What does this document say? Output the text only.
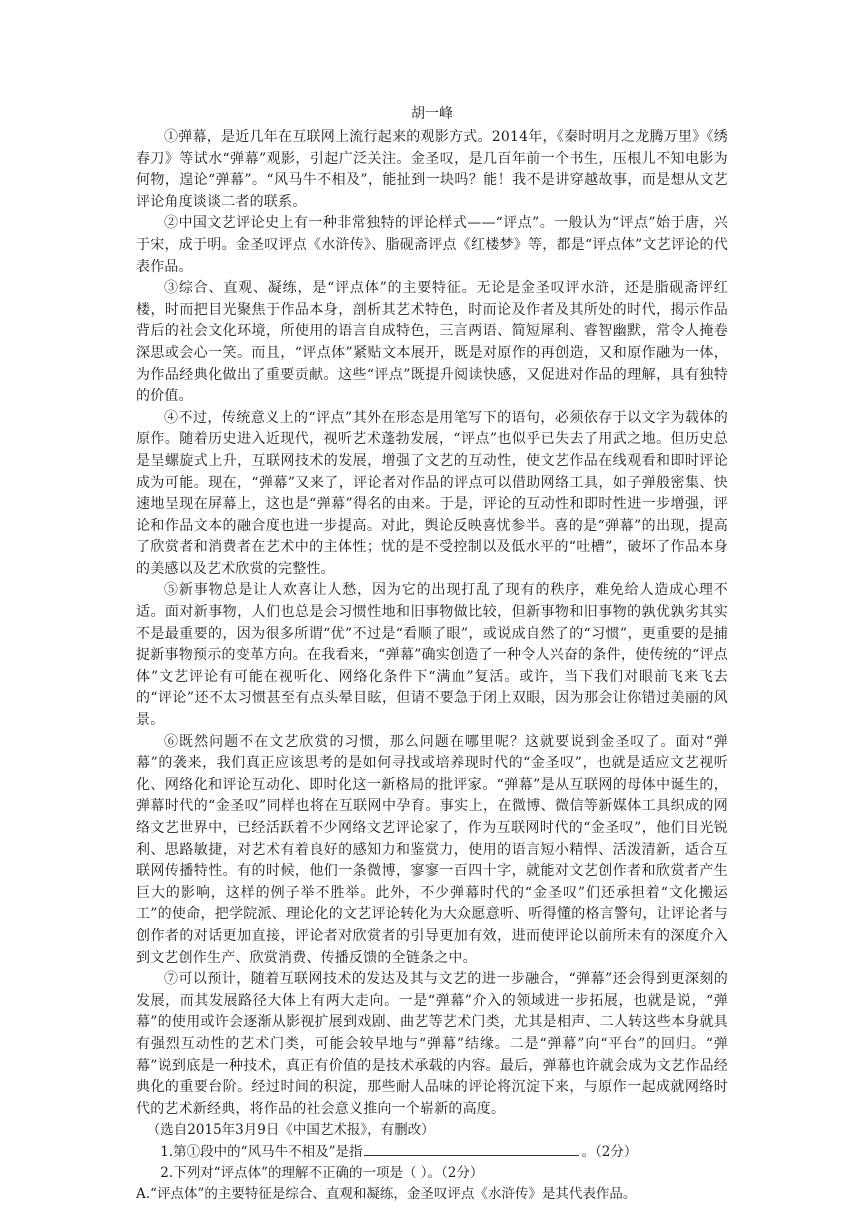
胡一峰

①弹幕，是近几年在互联网上流行起来的观影方式。2014年，《秦时明月之龙腾万里》《绣春刀》等试水“弹幕”观影，引起广泛关注。金圣叹，是几百年前一个书生，压根儿不知电影为何物，遑论“弹幕”。“风马牛不相及”，能扯到一块吗？能！我不是讲穿越故事，而是想从文艺评论角度谈谈二者的联系。

②中国文艺评论史上有一种非常独特的评论样式——“评点”。一般认为“评点”始于唐，兴于宋，成于明。金圣叹评点《水浒传》、脂砚斋评点《红楼梦》等，都是“评点体”文艺评论的代表作品。

③综合、直观、凝练，是“评点体”的主要特征。无论是金圣叹评水浒，还是脂砚斋评红楼，时而把目光聚焦于作品本身，剖析其艺术特色，时而论及作者及其所处的时代，揭示作品背后的社会文化环境，所使用的语言自成特色，三言两语、简短犀利、睿智幽默，常令人掩卷深思或会心一笑。而且，“评点体”紧贴文本展开，既是对原作的再创造，又和原作融为一体，为作品经典化做出了重要贡献。这些“评点”既提升阅读快感，又促进对作品的理解，具有独特的价值。

④不过，传统意义上的“评点”其外在形态是用笔写下的语句，必须依存于以文字为载体的原作。随着历史进入近现代，视听艺术蓬勃发展，“评点”也似乎已失去了用武之地。但历史总是呈螺旋式上升，互联网技术的发展，增强了文艺的互动性，使文艺作品在线观看和即时评论成为可能。现在，“弹幕”又来了，评论者对作品的评点可以借助网络工具，如子弹般密集、快速地呈现在屏幕上，这也是“弹幕”得名的由来。于是，评论的互动性和即时性进一步增强，评论和作品文本的融合度也进一步提高。对此，舆论反映喜忧参半。喜的是“弹幕”的出现，提高了欣赏者和消费者在艺术中的主体性；忧的是不受控制以及低水平的“吐槽”，破坏了作品本身的美感以及艺术欣赏的完整性。

⑤新事物总是让人欢喜让人愁，因为它的出现打乱了现有的秩序，难免给人造成心理不适。面对新事物，人们也总是会习惯性地和旧事物做比较，但新事物和旧事物的孰优孰劣其实不是最重要的，因为很多所谓“优”不过是“看顺了眼”，或说成自然了的“习惯”，更重要的是捕捉新事物预示的变革方向。在我看来，“弹幕”确实创造了一种令人兴奋的条件，使传统的“评点体”文艺评论有可能在视听化、网络化条件下“满血”复活。或许，当下我们对眼前飞来飞去的“评论”还不太习惯甚至有点头晕目眩，但请不要急于闭上双眼，因为那会让你错过美丽的风景。

⑥既然问题不在文艺欣赏的习惯，那么问题在哪里呢？这就要说到金圣叹了。面对“弹幕”的袭来，我们真正应该思考的是如何寻找或培养现时代的“金圣叹”，也就是适应文艺视听化、网络化和评论互动化、即时化这一新格局的批评家。“弹幕”是从互联网的母体中诞生的，弹幕时代的“金圣叹”同样也将在互联网中孕育。事实上，在微博、微信等新媒体工具织成的网络文艺世界中，已经活跃着不少网络文艺评论家了，作为互联网时代的“金圣叹”，他们目光锐利、思路敏捷，对艺术有着良好的感知力和鉴赏力，使用的语言短小精悍、活泼清新，适合互联网传播特性。有的时候，他们一条微博，寥寥一百四十字，就能对文艺创作者和欣赏者产生巨大的影响，这样的例子举不胜举。此外，不少弹幕时代的“金圣叹”们还承担着“文化搬运工”的使命，把学院派、理论化的文艺评论转化为大众愿意听、听得懂的格言警句，让评论者与创作者的对话更加直接，评论者对欣赏者的引导更加有效，进而使评论以前所未有的深度介入到文艺创作生产、欣赏消费、传播反馈的全链条之中。

⑦可以预计，随着互联网技术的发达及其与文艺的进一步融合，“弹幕”还会得到更深刻的发展，而其发展路径大体上有两大走向。一是“弹幕”介入的领域进一步拓展，也就是说，“弹幕”的使用或许会逐渐从影视扩展到戏剧、曲艺等艺术门类，尤其是相声、二人转这些本身就具有强烈互动性的艺术门类，可能会较早地与“弹幕”结缘。二是“弹幕”向“平台”的回归。“弹幕”说到底是一种技术，真正有价值的是技术承载的内容。最后，弹幕也许就会成为文艺作品经典化的重要台阶。经过时间的积淀，那些耐人品味的评论将沉淀下来，与原作一起成就网络时代的艺术新经典，将作品的社会意义推向一个崭新的高度。

（选自2015年3月9日《中国艺术报》，有删改）

1.第①段中的“风马牛不相及”是指	。（2分）

2.下列对“评点体”的理解不正确的一项是（ ）。（2分）

A.“评点体”的主要特征是综合、直观和凝练，金圣叹评点《水浒传》是其代表作品。
